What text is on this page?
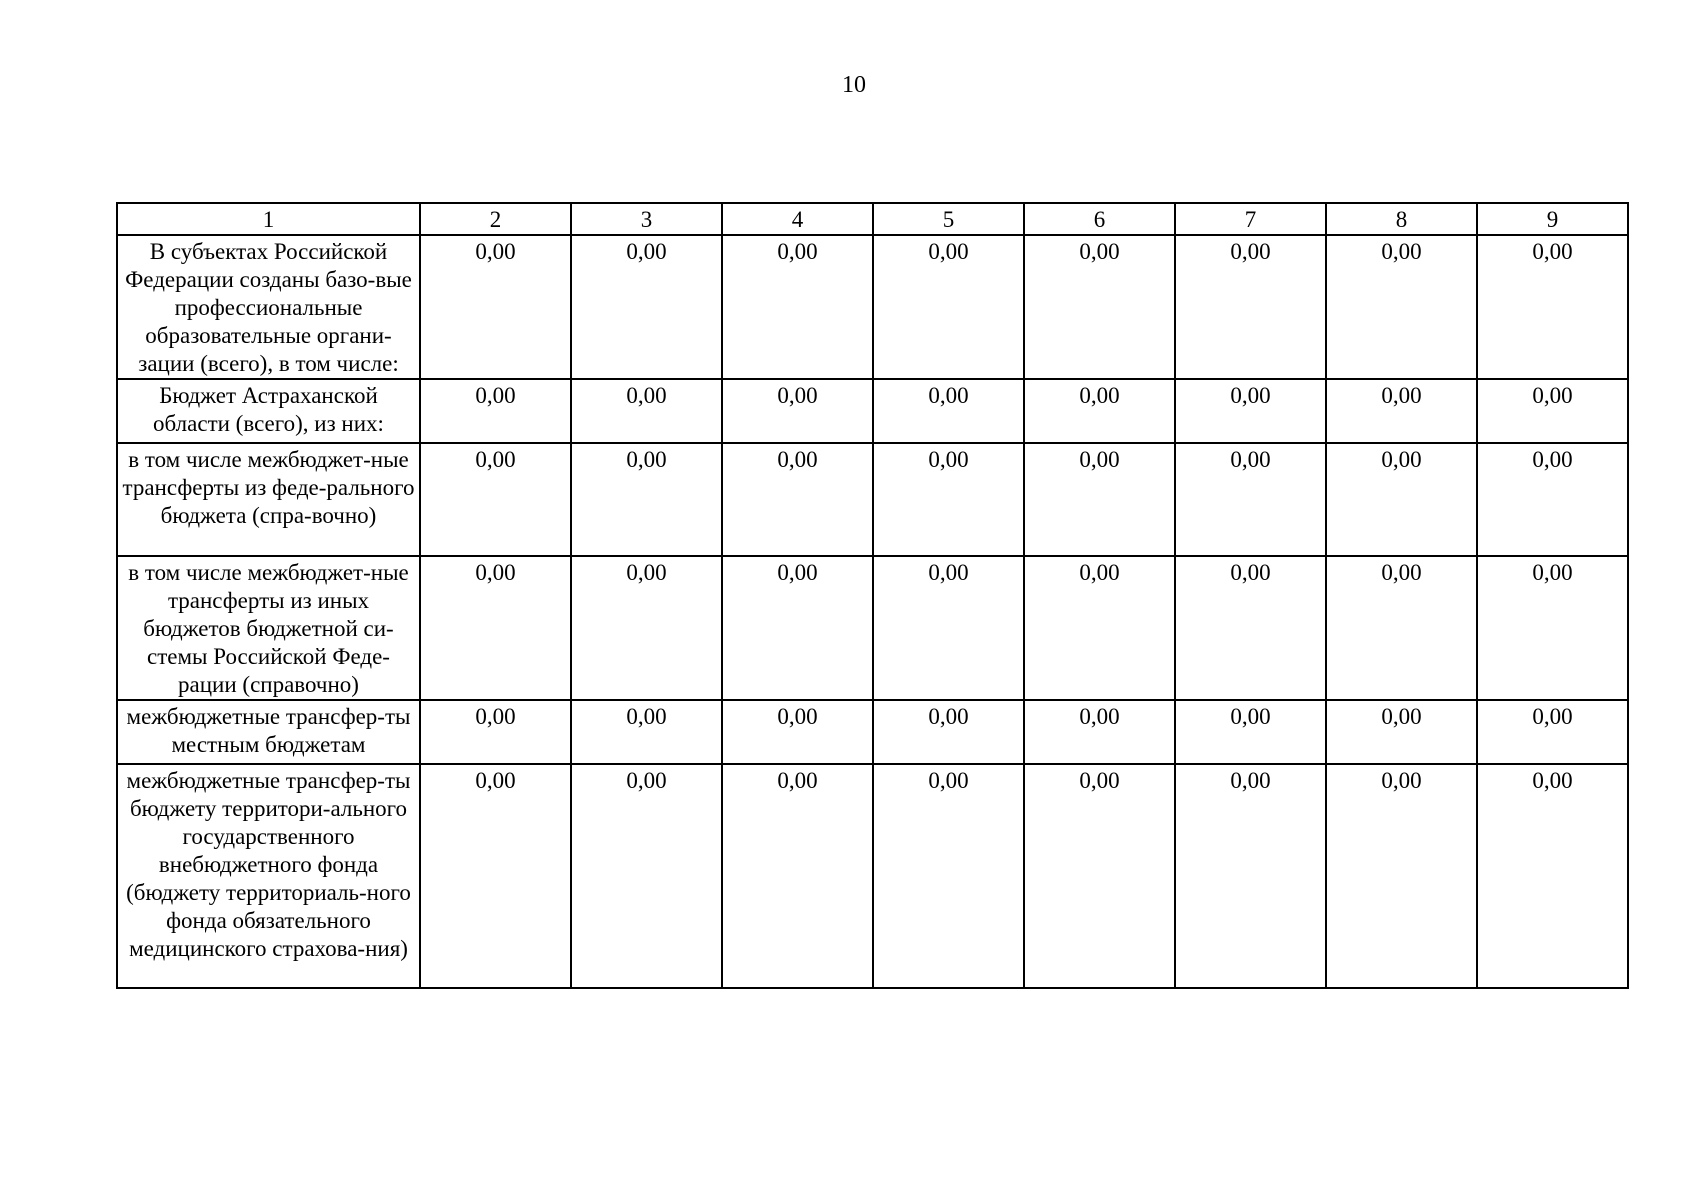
10
1	2	3	4	5	6	7	8	9
В субъектах Российской Федерации созданы базо-вые профессиональные образовательные органи-зации (всего), в том числе:	0,00	0,00	0,00	0,00	0,00	0,00	0,00	0,00
Бюджет Астраханской области (всего), из них:	0,00	0,00	0,00	0,00	0,00	0,00	0,00	0,00
в том числе межбюджет-ные трансферты из феде-рального бюджета (спра-вочно)	0,00	0,00	0,00	0,00	0,00	0,00	0,00	0,00
в том числе межбюджет-ные трансферты из иных бюджетов бюджетной си-стемы Российской Феде-рации (справочно)	0,00	0,00	0,00	0,00	0,00	0,00	0,00	0,00
межбюджетные трансфер-ты местным бюджетам	0,00	0,00	0,00	0,00	0,00	0,00	0,00	0,00
межбюджетные трансфер-ты бюджету территори-ального государственного внебюджетного фонда (бюджету территориаль-ного фонда обязательного медицинского страхова-ния)	0,00	0,00	0,00	0,00	0,00	0,00	0,00	0,00
